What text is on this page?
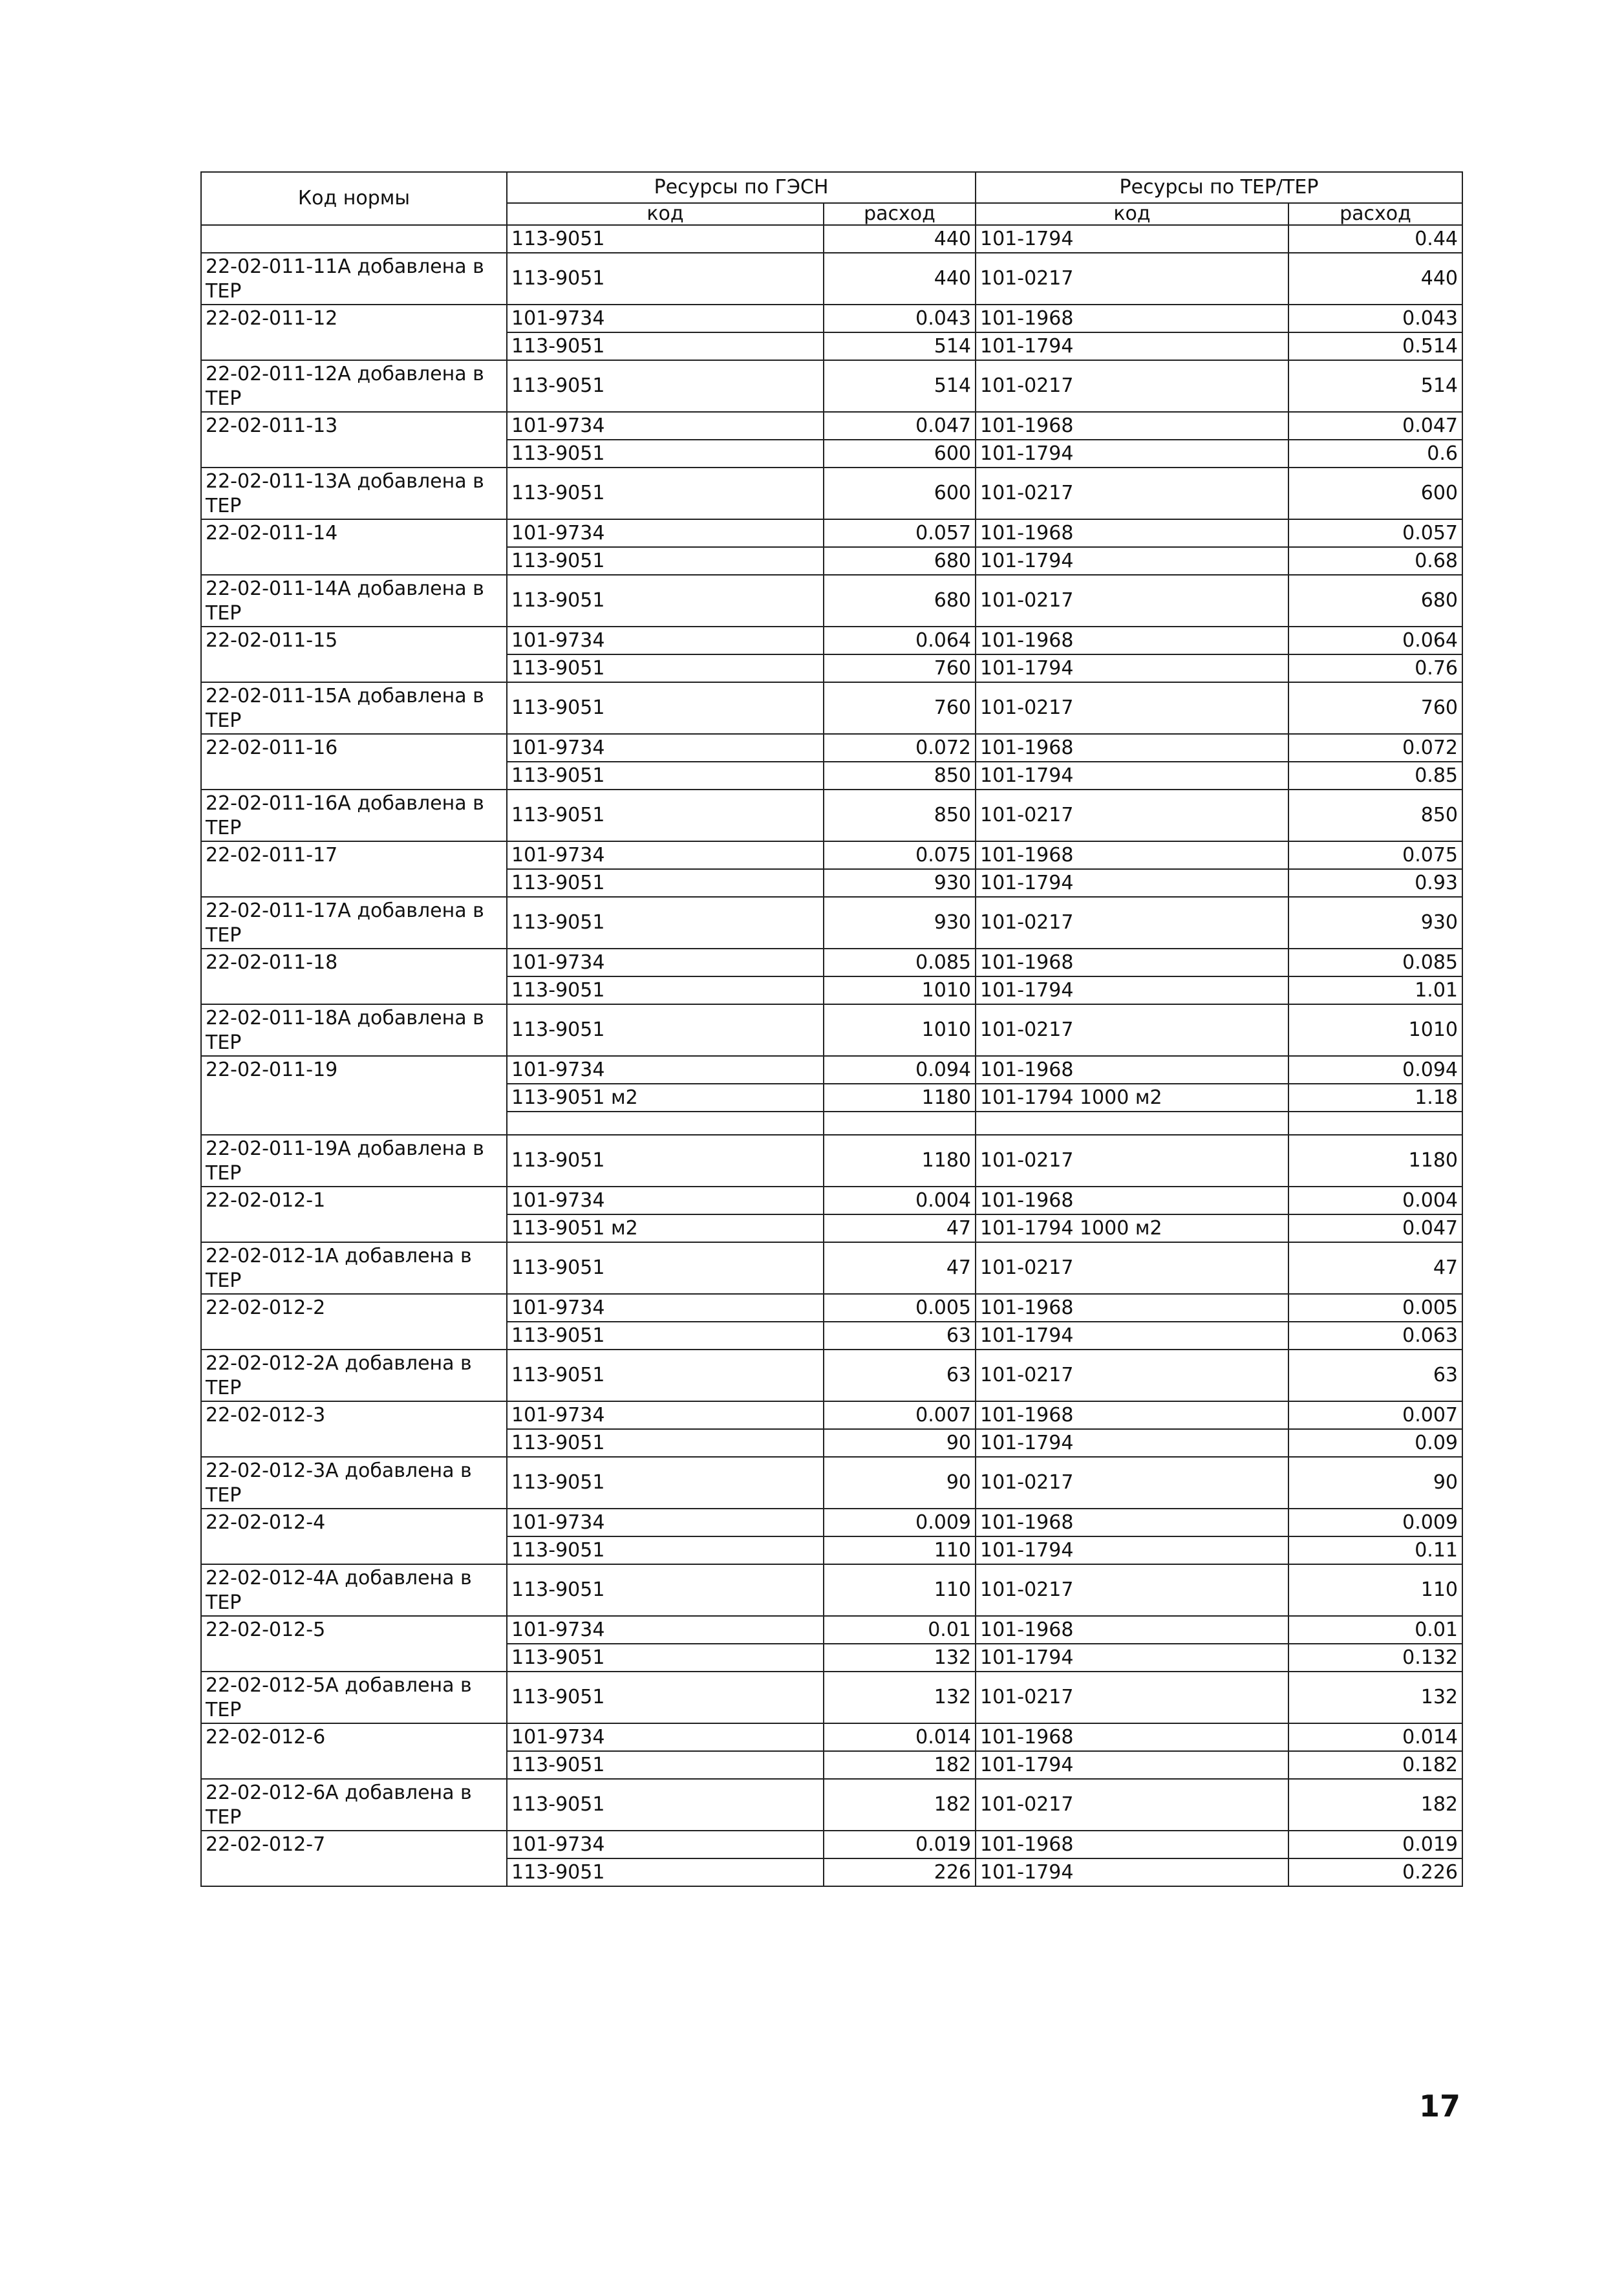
Код нормы	Ресурсы по ГЭСН		Ресурсы по ТЕР/ТЕР	
	код	расход	код	расход
	113-9051	440	101-1794	0.44
22-02-011-11А добавлена в ТЕР	113-9051	440	101-0217	440
22-02-011-12	101-9734	0.043	101-1968	0.043
	113-9051	514	101-1794	0.514
22-02-011-12А добавлена в ТЕР	113-9051	514	101-0217	514
22-02-011-13	101-9734	0.047	101-1968	0.047
	113-9051	600	101-1794	0.6
22-02-011-13А добавлена в ТЕР	113-9051	600	101-0217	600
22-02-011-14	101-9734	0.057	101-1968	0.057
	113-9051	680	101-1794	0.68
22-02-011-14А добавлена в ТЕР	113-9051	680	101-0217	680
22-02-011-15	101-9734	0.064	101-1968	0.064
	113-9051	760	101-1794	0.76
22-02-011-15А добавлена в ТЕР	113-9051	760	101-0217	760
22-02-011-16	101-9734	0.072	101-1968	0.072
	113-9051	850	101-1794	0.85
22-02-011-16А добавлена в ТЕР	113-9051	850	101-0217	850
22-02-011-17	101-9734	0.075	101-1968	0.075
	113-9051	930	101-1794	0.93
22-02-011-17А добавлена в ТЕР	113-9051	930	101-0217	930
22-02-011-18	101-9734	0.085	101-1968	0.085
	113-9051	1010	101-1794	1.01
22-02-011-18А добавлена в ТЕР	113-9051	1010	101-0217	1010
22-02-011-19	101-9734	0.094	101-1968	0.094
	113-9051 м2	1180	101-1794 1000 м2	1.18

22-02-011-19А добавлена в ТЕР	113-9051	1180	101-0217	1180
22-02-012-1	101-9734	0.004	101-1968	0.004
	113-9051 м2	47	101-1794 1000 м2	0.047
22-02-012-1А добавлена в ТЕР	113-9051	47	101-0217	47
22-02-012-2	101-9734	0.005	101-1968	0.005
	113-9051	63	101-1794	0.063
22-02-012-2А добавлена в ТЕР	113-9051	63	101-0217	63
22-02-012-3	101-9734	0.007	101-1968	0.007
	113-9051	90	101-1794	0.09
22-02-012-3А добавлена в ТЕР	113-9051	90	101-0217	90
22-02-012-4	101-9734	0.009	101-1968	0.009
	113-9051	110	101-1794	0.11
22-02-012-4А добавлена в ТЕР	113-9051	110	101-0217	110
22-02-012-5	101-9734	0.01	101-1968	0.01
	113-9051	132	101-1794	0.132
22-02-012-5А добавлена в ТЕР	113-9051	132	101-0217	132
22-02-012-6	101-9734	0.014	101-1968	0.014
	113-9051	182	101-1794	0.182
22-02-012-6А добавлена в ТЕР	113-9051	182	101-0217	182
22-02-012-7	101-9734	0.019	101-1968	0.019
	113-9051	226	101-1794	0.226
17
